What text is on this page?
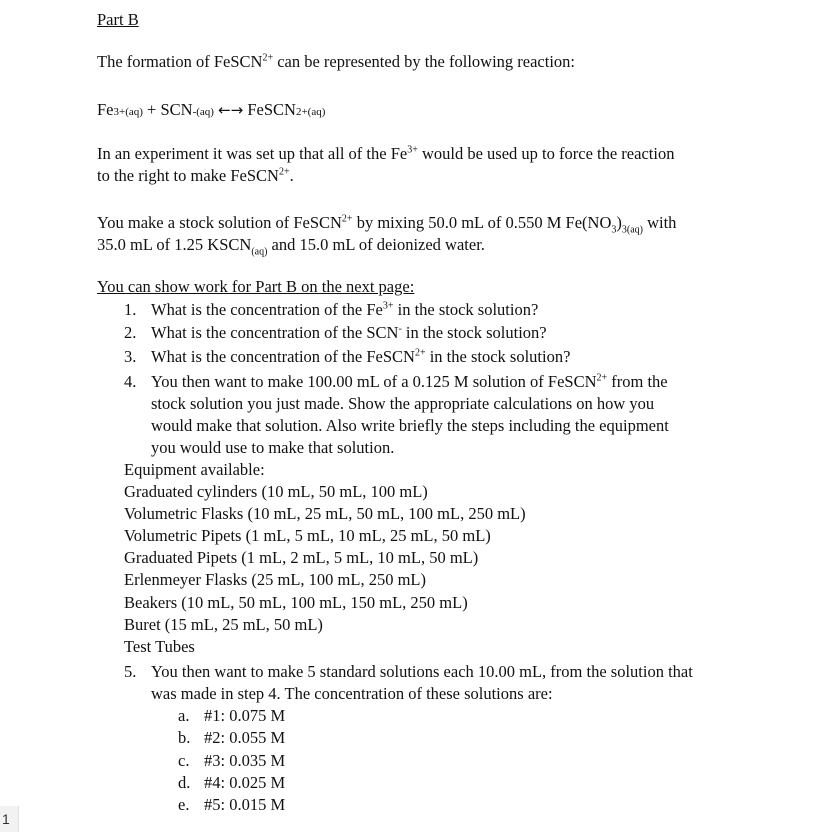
Part B
The formation of FeSCN$^{2+}$ can be represented by the following reaction:
Fe3+(aq) + SCN-(aq) ←→ FeSCN2+(aq)
In an experiment it was set up that all of the $Fe^{3+}$ would be used up to force the reaction
to the right to make FeSCN$^{2+}$.
You make a stock solution of FeSCN$^{2+}$ by mixing 50.0 mL of 0.550 M $Fe(NO_3)_{3(aq)}$ with
35.0 mL of 1.25 $KSCN_{(aq)}$ and 15.0 mL of deionized water.
You can show work for Part B on the next page:
1. What is the concentration of the $Fe^{3+}$ in the stock solution?
2. What is the concentration of the SCN- in the stock solution?
3. What is the concentration of the FeSCN$^{2+}$ in the stock solution?
4. You then want to make 100.00 mL of a 0.125 M solution of FeSCN$^{2+}$ from the
stock solution you just made. Show the appropriate calculations on how you
would make that solution. Also write briefly the steps including the equipment
you would use to make that solution.
Equipment available:
Graduated cylinders (10 mL, 50 mL, 100 mL)
Volumetric Flasks (10 mL, 25 mL, 50 mL, 100 mL, 250 mL)
Volumetric Pipets (1 mL, 5 mL, 10 mL, 25 mL, 50 mL)
Graduated Pipets (1 mL, 2 mL, 5 mL, 10 mL, 50 mL)
Erlenmeyer Flasks (25 mL, 100 mL, 250 mL)
Beakers (10 mL, 50 mL, 100 mL, 150 mL, 250 mL)
Buret (15 mL, 25 mL, 50 mL)
Test Tubes
5. You then want to make 5 standard solutions each 10.00 mL, from the solution that
was made in step 4. The concentration of these solutions are:
a. #1: 0.075 M
b. #2: 0.055 M
c. #3: 0.035 M
d. #4: 0.025 M
e. #5: 0.015 M
1
